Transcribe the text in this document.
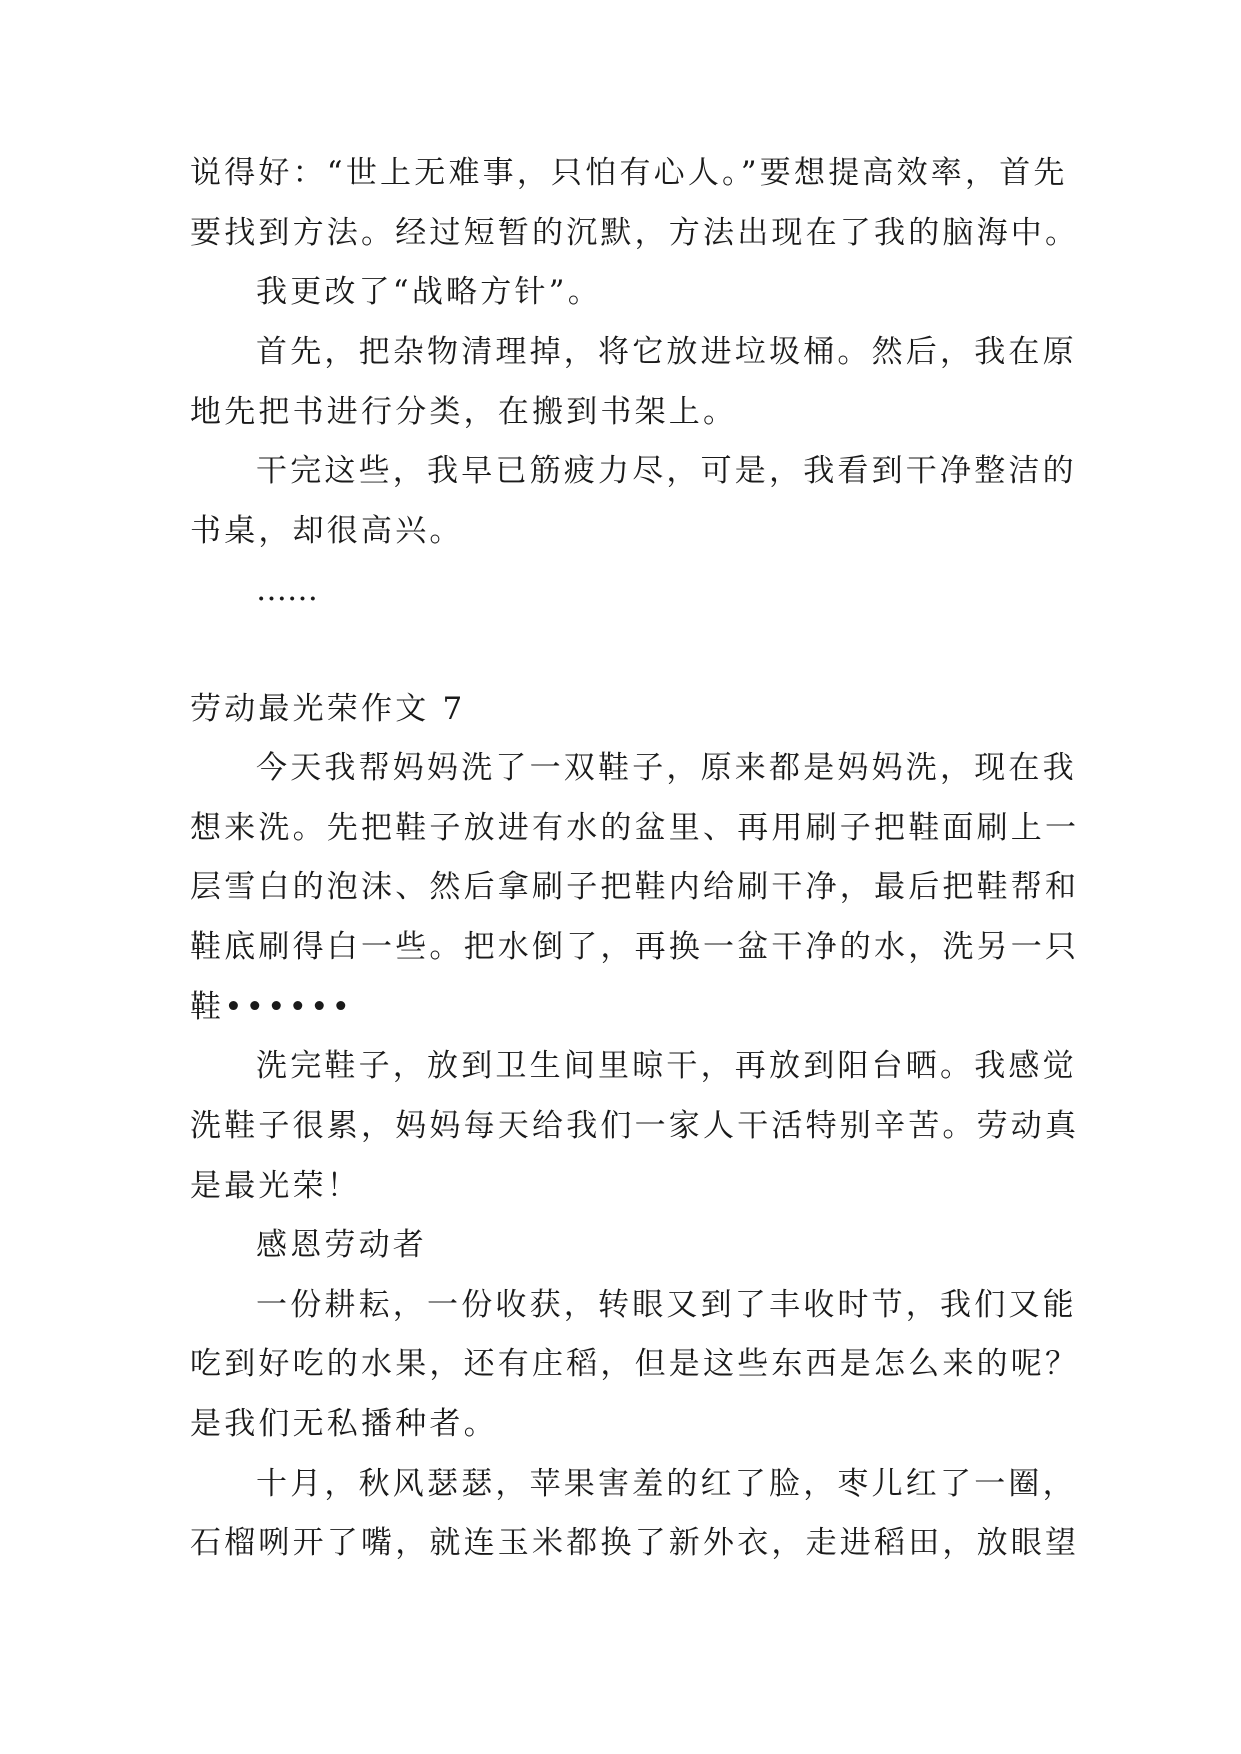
说得好：“世上无难事，只怕有心人。”要想提高效率，首先
要找到方法。经过短暂的沉默，方法出现在了我的脑海中。
我更改了“战略方针”。
首先，把杂物清理掉，将它放进垃圾桶。然后，我在原
地先把书进行分类，在搬到书架上。
干完这些，我早已筋疲力尽，可是，我看到干净整洁的
书桌，却很高兴。
……
劳动最光荣作文 7
今天我帮妈妈洗了一双鞋子，原来都是妈妈洗，现在我
想来洗。先把鞋子放进有水的盆里、再用刷子把鞋面刷上一
层雪白的泡沫、然后拿刷子把鞋内给刷干净，最后把鞋帮和
鞋底刷得白一些。把水倒了，再换一盆干净的水，洗另一只
鞋••••••
洗完鞋子，放到卫生间里晾干，再放到阳台晒。我感觉
洗鞋子很累，妈妈每天给我们一家人干活特别辛苦。劳动真
是最光荣！
感恩劳动者
一份耕耘，一份收获，转眼又到了丰收时节，我们又能
吃到好吃的水果，还有庄稻，但是这些东西是怎么来的呢？
是我们无私播种者。
十月，秋风瑟瑟，苹果害羞的红了脸，枣儿红了一圈，
石榴咧开了嘴，就连玉米都换了新外衣，走进稻田，放眼望
